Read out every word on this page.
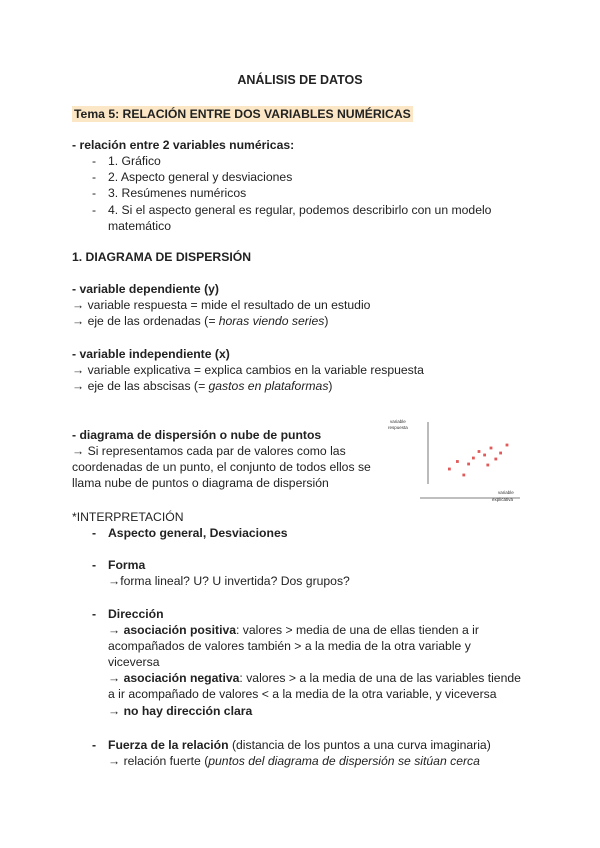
ANÁLISIS DE DATOS
Tema 5: RELACIÓN ENTRE DOS VARIABLES NUMÉRICAS
- relación entre 2 variables numéricas:
- 1. Gráfico
- 2. Aspecto general y desviaciones
- 3. Resúmenes numéricos
- 4. Si el aspecto general es regular, podemos describirlo con un modelo
matemático
1. DIAGRAMA DE DISPERSIÓN
- variable dependiente (y)
→ variable respuesta = mide el resultado de un estudio
→ eje de las ordenadas (= horas viendo series)
- variable independiente (x)
→ variable explicativa = explica cambios en la variable respuesta
→ eje de las abscisas (= gastos en plataformas)
- diagrama de dispersión o nube de puntos
→ Si representamos cada par de valores como las
coordenadas de un punto, el conjunto de todos ellos se
llama nube de puntos o diagrama de dispersión
variable
respuesta
variable
explicativa
*INTERPRETACIÓN
- Aspecto general, Desviaciones
- Forma
→forma lineal? U? U invertida? Dos grupos?
- Dirección
→ asociación positiva: valores > media de una de ellas tienden a ir
acompañados de valores también > a la media de la otra variable y
viceversa
→ asociación negativa: valores > a la media de una de las variables tiende
a ir acompañado de valores < a la media de la otra variable, y viceversa
→ no hay dirección clara
- Fuerza de la relación (distancia de los puntos a una curva imaginaria)
→ relación fuerte (puntos del diagrama de dispersión se sitúan cerca
